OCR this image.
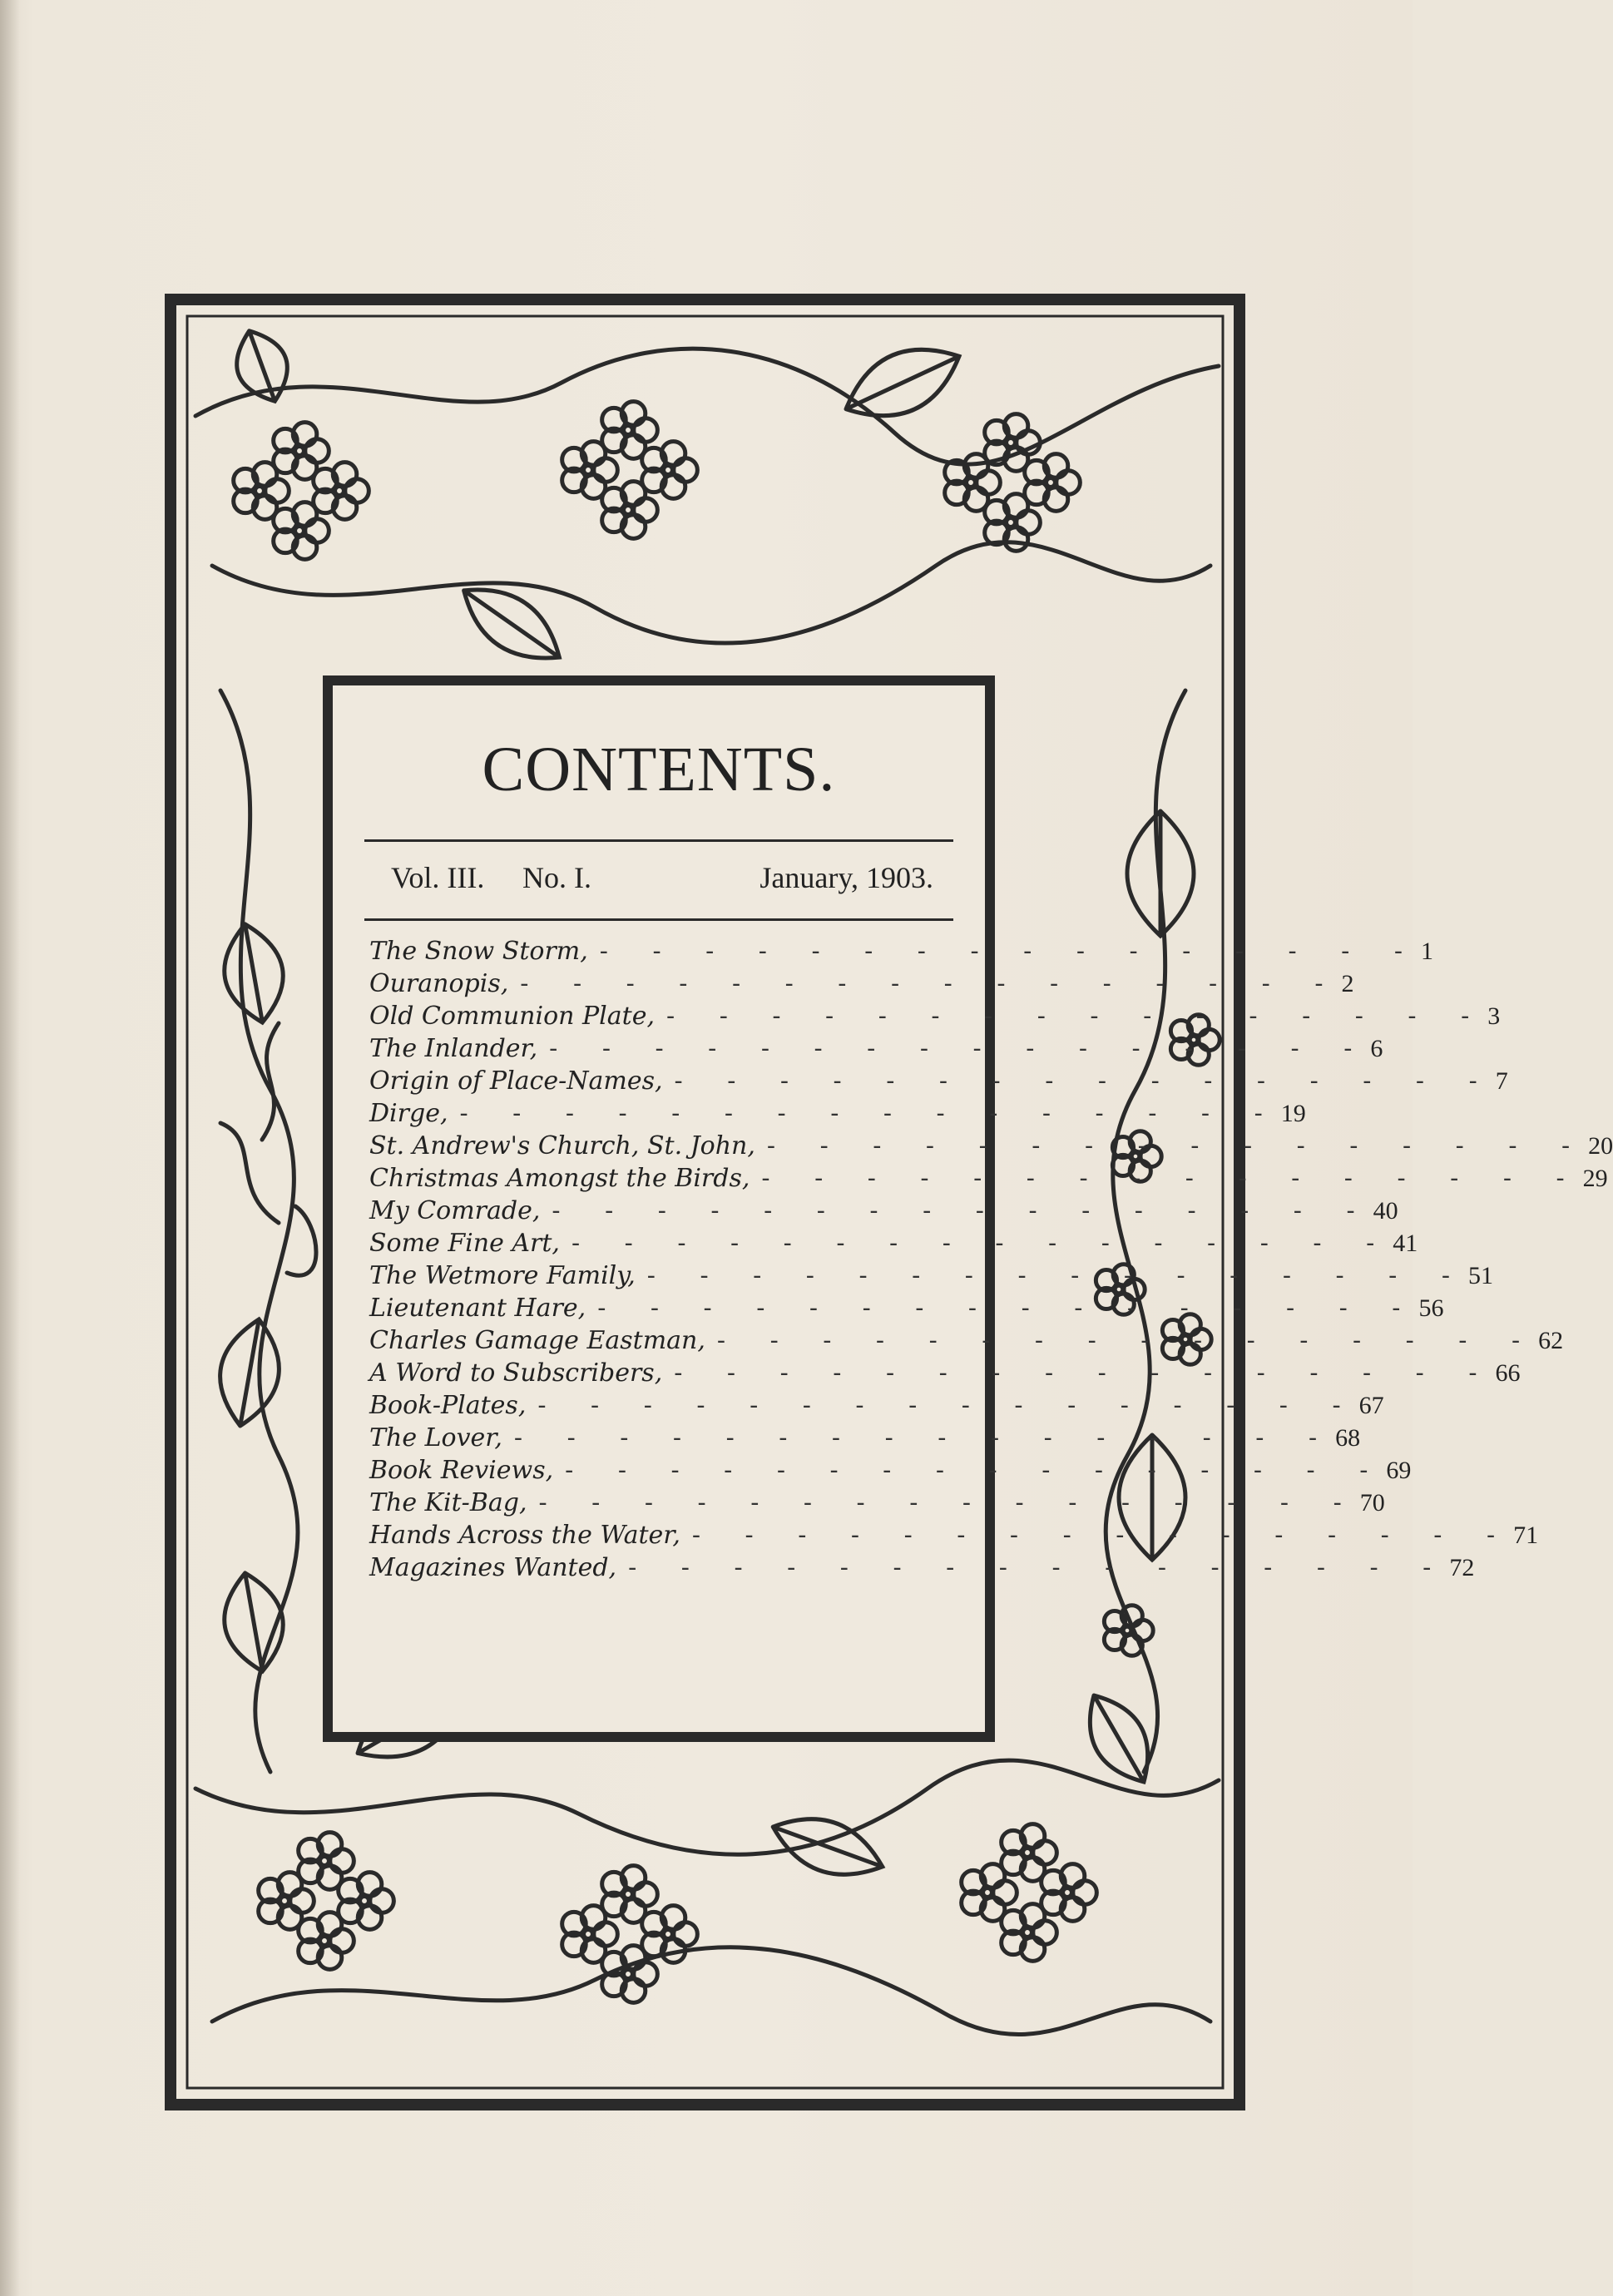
CONTENTS.
Vol. III. No. I.	January, 1903.
The Snow Storm, - - - - - - - - - - - - - - - - 1
Ouranopis, - - - - - - - - - - - - - - - - 2
Old Communion Plate, - - - - - - - - - - - - - - - - 3
The Inlander, - - - - - - - - - - - - - - - - 6
Origin of Place-Names, - - - - - - - - - - - - - - - - 7
Dirge, - - - - - - - - - - - - - - - - 19
St. Andrew's Church, St. John, - - - - - - - - - - - - - - - - 20
Christmas Amongst the Birds, - - - - - - - - - - - - - - - - 29
My Comrade, - - - - - - - - - - - - - - - - 40
Some Fine Art, - - - - - - - - - - - - - - - - 41
The Wetmore Family, - - - - - - - - - - - - - - - - 51
Lieutenant Hare, - - - - - - - - - - - - - - - - 56
Charles Gamage Eastman, - - - - - - - - - - - - - - - - 62
A Word to Subscribers, - - - - - - - - - - - - - - - - 66
Book-Plates, - - - - - - - - - - - - - - - - 67
The Lover, - - - - - - - - - - - - - - - - 68
Book Reviews, - - - - - - - - - - - - - - - - 69
The Kit-Bag, - - - - - - - - - - - - - - - - 70
Hands Across the Water, - - - - - - - - - - - - - - - - 71
Magazines Wanted, - - - - - - - - - - - - - - - - 72
